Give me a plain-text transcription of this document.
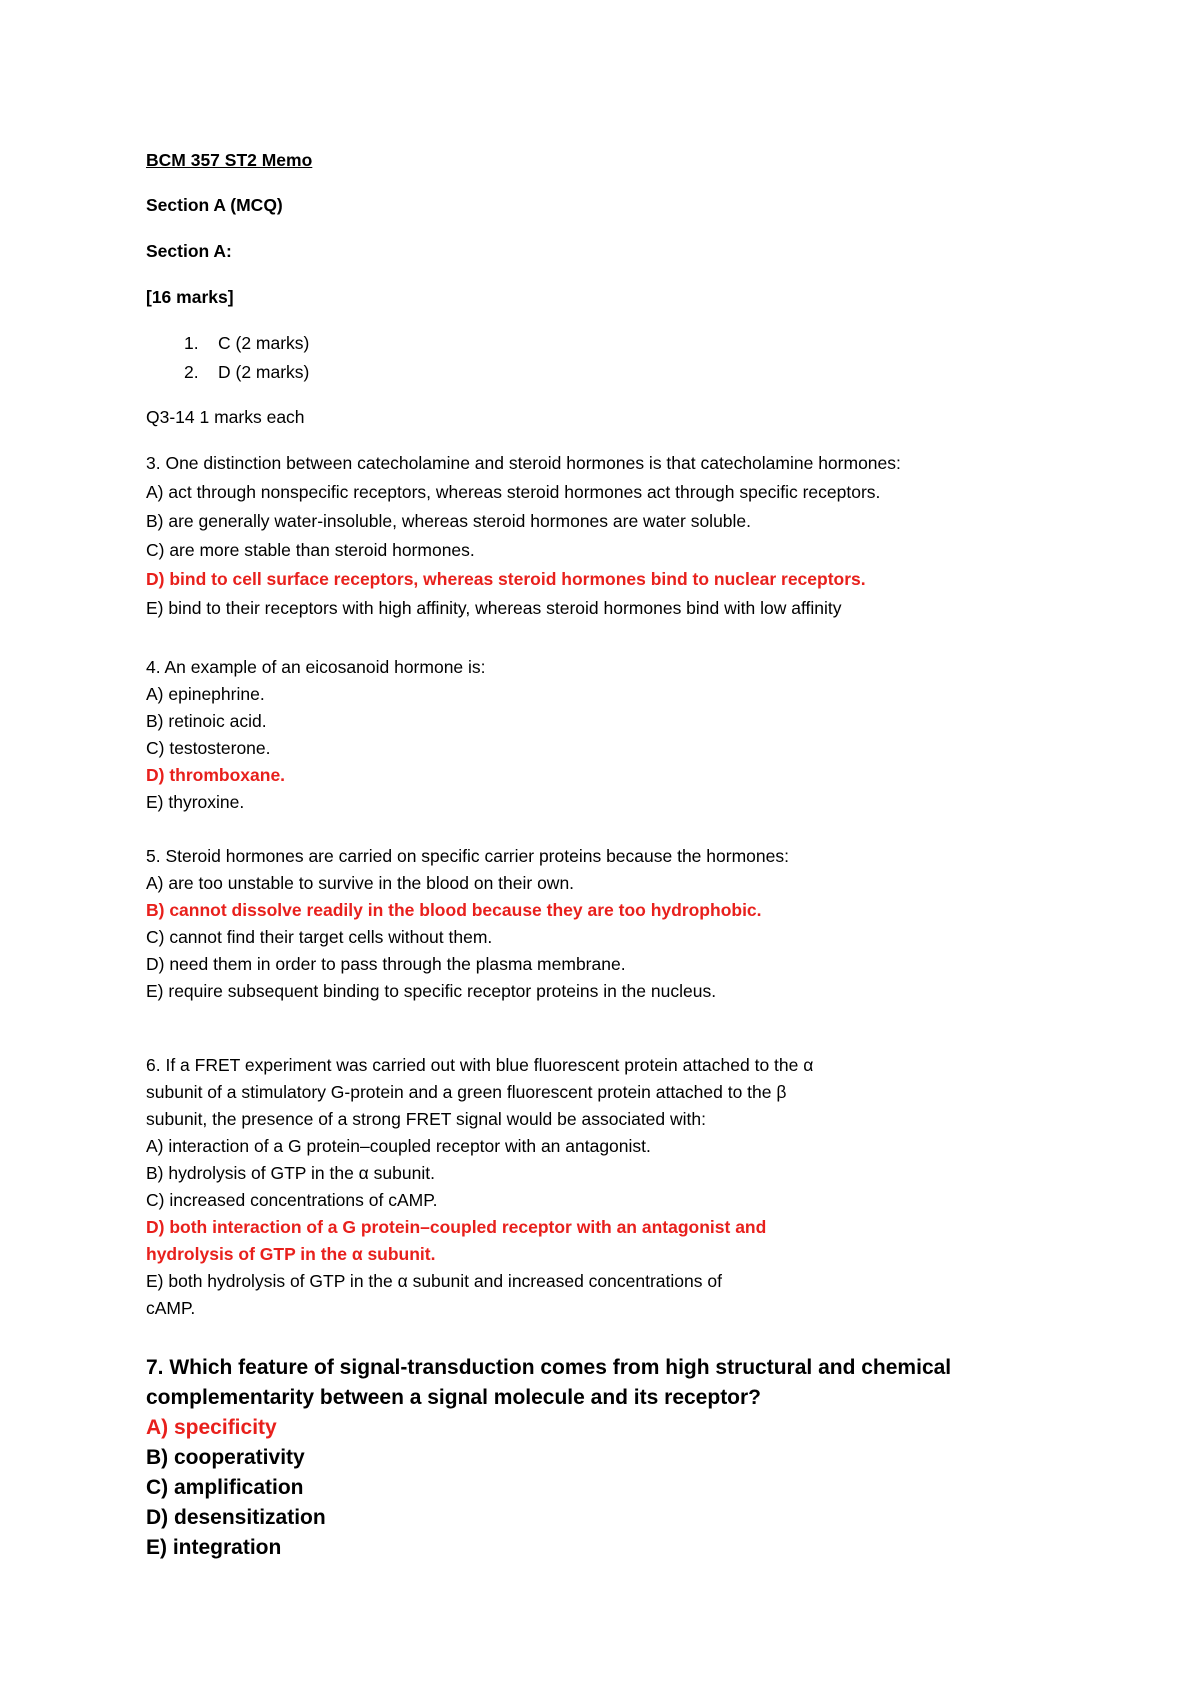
BCM 357 ST2 Memo
Section A (MCQ)
Section A:
[16 marks]
1. C (2 marks)
2. D (2 marks)
Q3-14 1 marks each
3. One distinction between catecholamine and steroid hormones is that catecholamine hormones:
A) act through nonspecific receptors, whereas steroid hormones act through specific receptors.
B) are generally water-insoluble, whereas steroid hormones are water soluble.
C) are more stable than steroid hormones.
D) bind to cell surface receptors, whereas steroid hormones bind to nuclear receptors.
E) bind to their receptors with high affinity, whereas steroid hormones bind with low affinity
4. An example of an eicosanoid hormone is:
A) epinephrine.
B) retinoic acid.
C) testosterone.
D) thromboxane.
E) thyroxine.
5. Steroid hormones are carried on specific carrier proteins because the hormones:
A) are too unstable to survive in the blood on their own.
B) cannot dissolve readily in the blood because they are too hydrophobic.
C) cannot find their target cells without them.
D) need them in order to pass through the plasma membrane.
E) require subsequent binding to specific receptor proteins in the nucleus.
6. If a FRET experiment was carried out with blue fluorescent protein attached to the α
subunit of a stimulatory G-protein and a green fluorescent protein attached to the β
subunit, the presence of a strong FRET signal would be associated with:
A) interaction of a G protein–coupled receptor with an antagonist.
B) hydrolysis of GTP in the α subunit.
C) increased concentrations of cAMP.
D) both interaction of a G protein–coupled receptor with an antagonist and
hydrolysis of GTP in the α subunit.
E) both hydrolysis of GTP in the α subunit and increased concentrations of
cAMP.
7. Which feature of signal-transduction comes from high structural and chemical
complementarity between a signal molecule and its receptor?
A) specificity
B) cooperativity
C) amplification
D) desensitization
E) integration
